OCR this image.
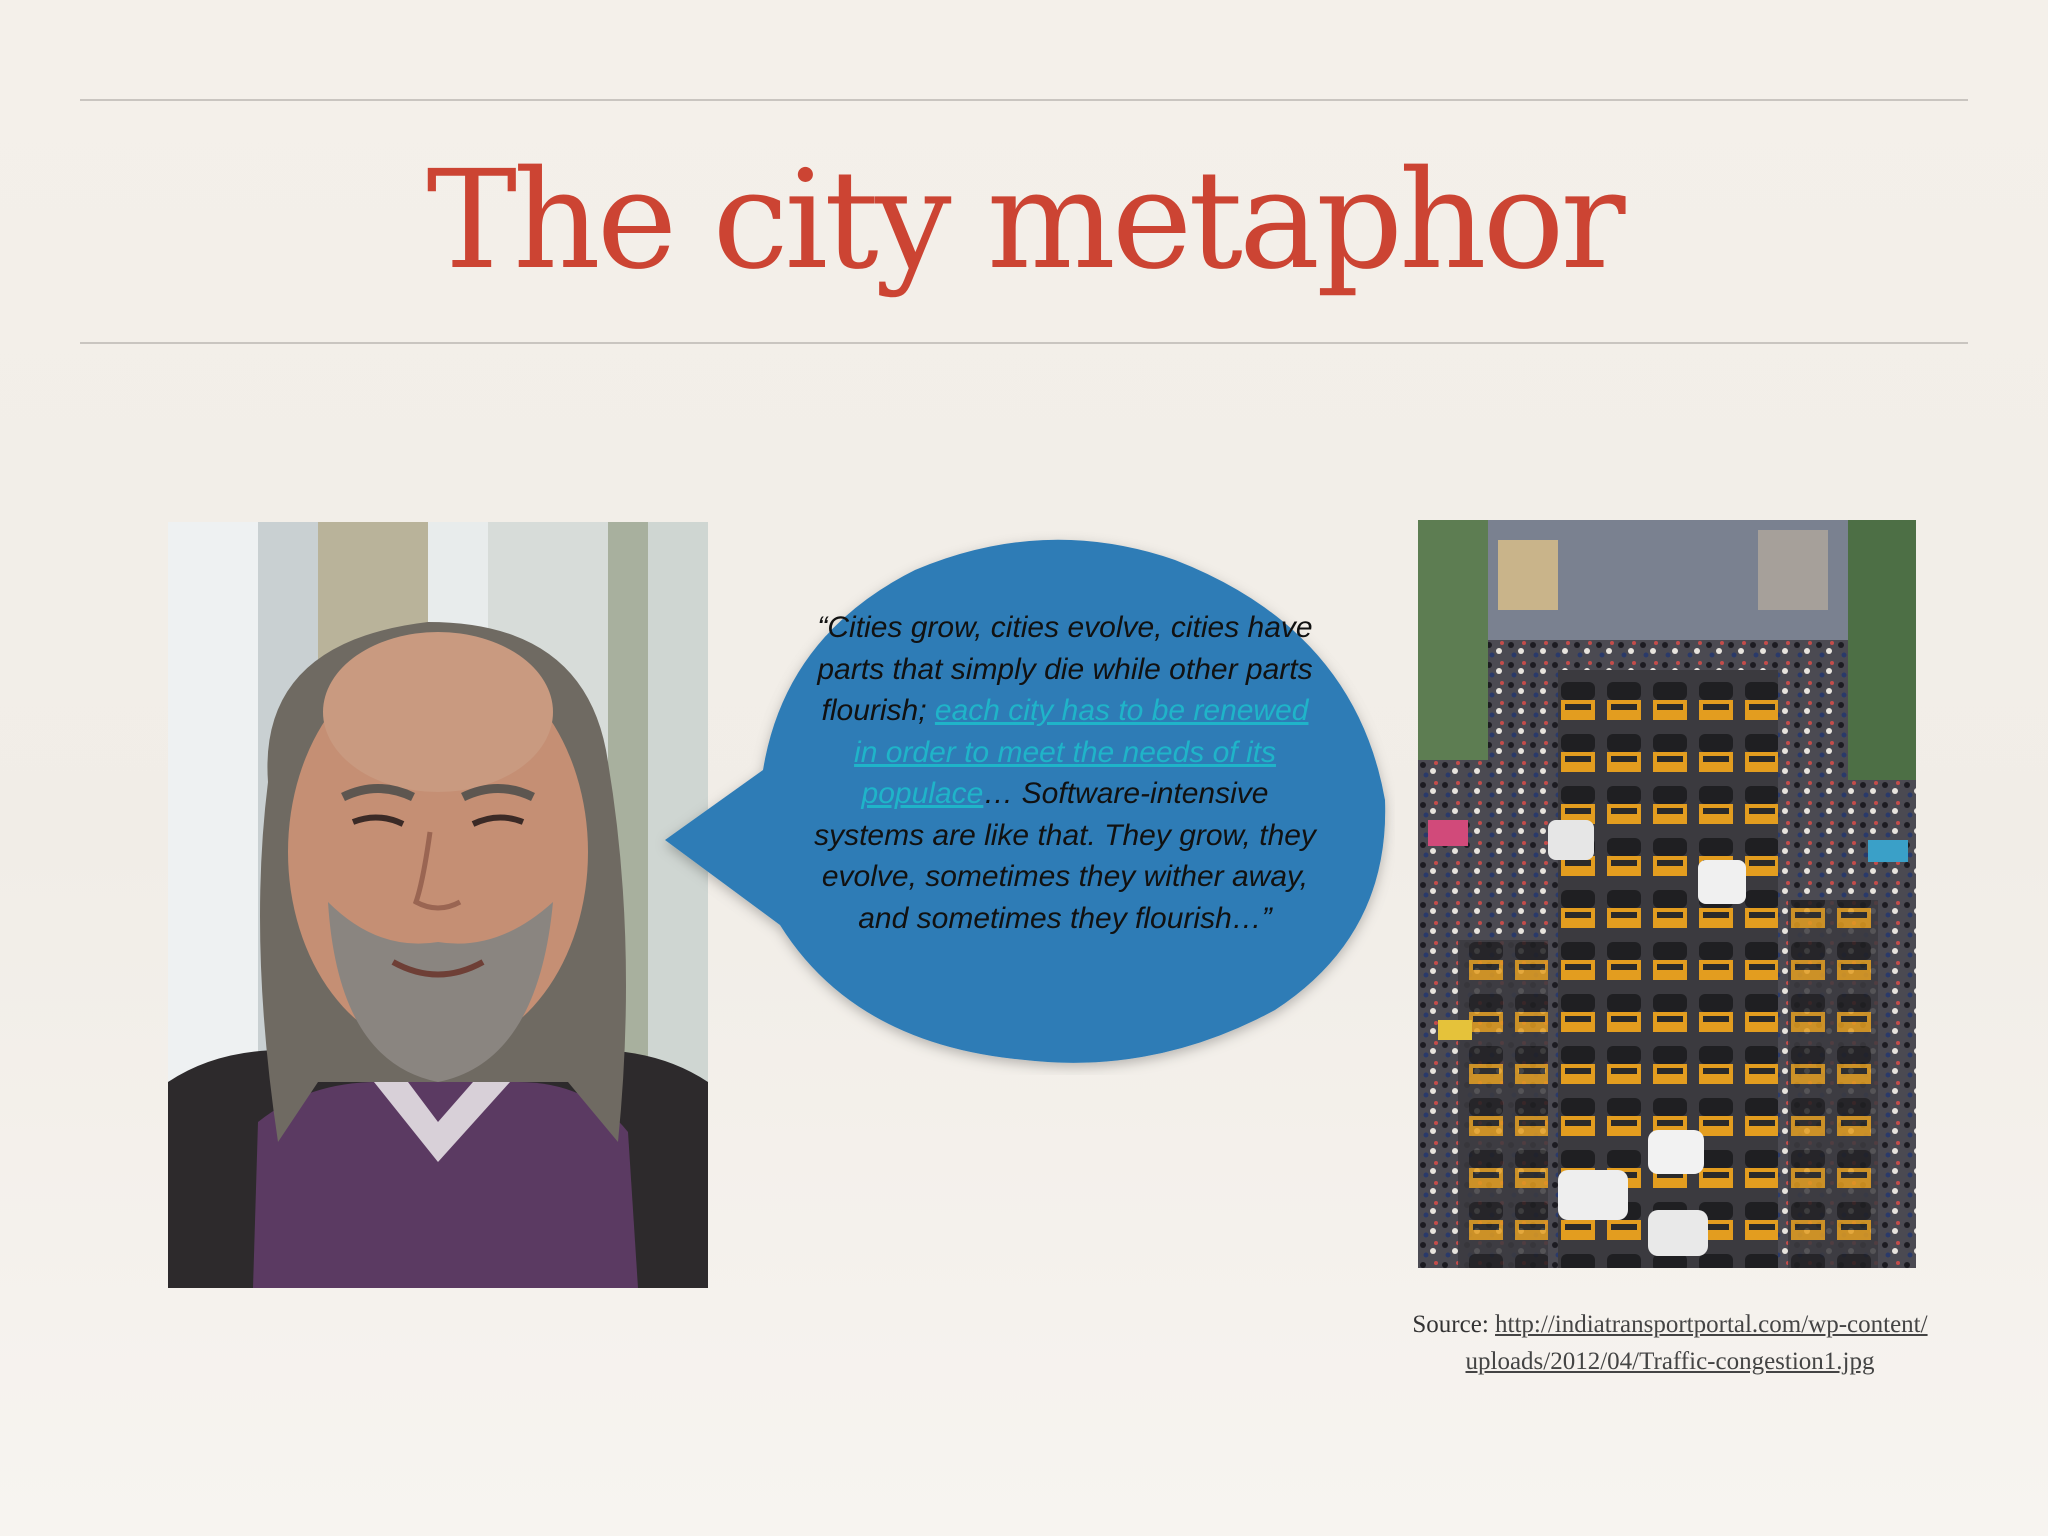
The city metaphor
“Cities grow, cities evolve, cities have parts that simply die while other parts flourish; each city has to be renewed in order to meet the needs of its populace… Software-intensive systems are like that. They grow, they evolve, sometimes they wither away, and sometimes they flourish…”
Source: http://indiatransportportal.com/wp-content/
uploads/2012/04/Traffic-congestion1.jpg
